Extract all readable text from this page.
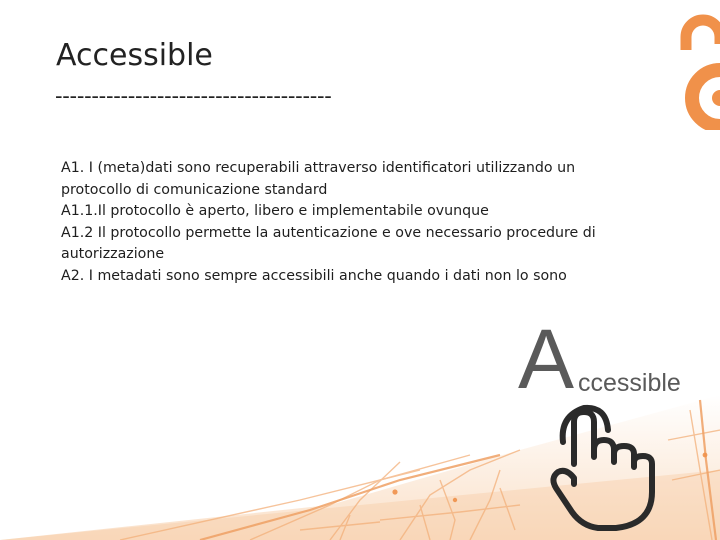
Accessible
--------------------------------------
A1. I (meta)dati sono recuperabili attraverso identificatori utilizzando un
protocollo di comunicazione standard
A1.1.Il protocollo è aperto, libero e implementabile ovunque
A1.2 Il protocollo permette la autenticazione e ove necessario procedure di
autorizzazione
A2. I metadati sono sempre accessibili anche quando i dati non lo sono
A ccessible
